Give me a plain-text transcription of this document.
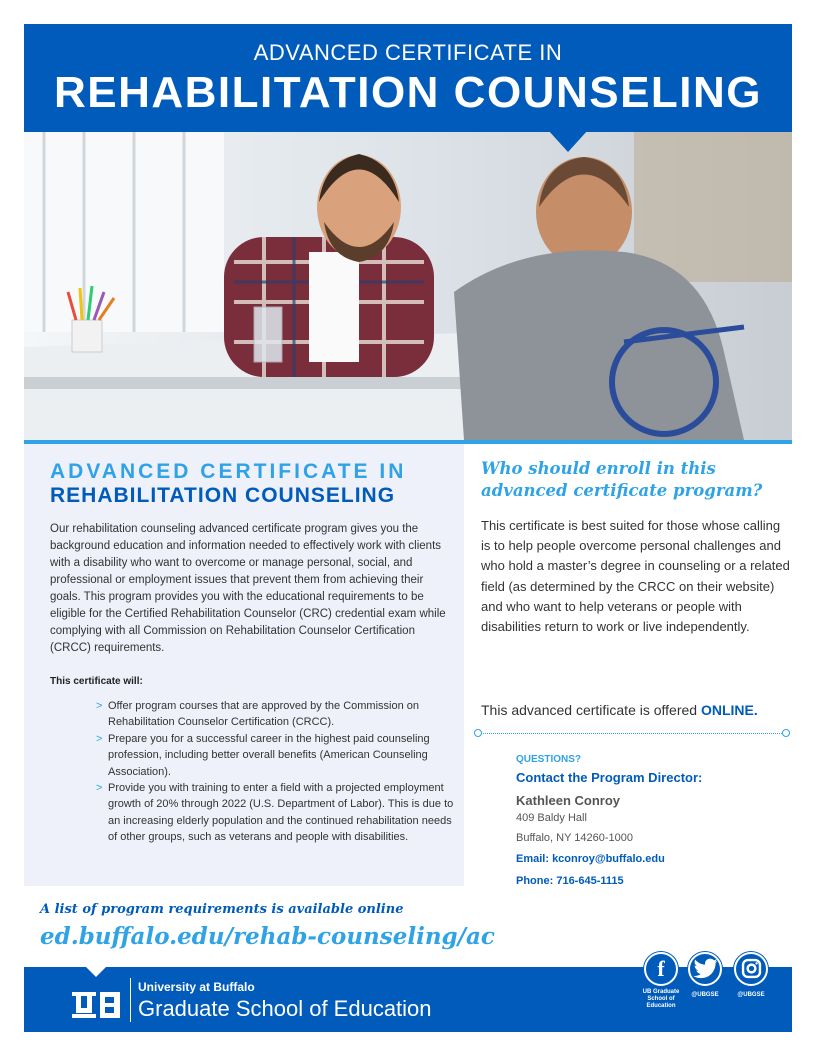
ADVANCED CERTIFICATE IN
REHABILITATION COUNSELING
ADVANCED CERTIFICATE IN
REHABILITATION COUNSELING

Our rehabilitation counseling advanced certificate program gives you the background education and information needed to effectively work with clients with a disability who want to overcome or manage personal, social, and professional or employment issues that prevent them from achieving their goals. This program provides you with the educational requirements to be eligible for the Certified Rehabilitation Counselor (CRC) credential exam while complying with all Commission on Rehabilitation Counselor Certification (CRCC) requirements.

This certificate will:
> Offer program courses that are approved by the Commission on Rehabilitation Counselor Certification (CRCC).
> Prepare you for a successful career in the highest paid counseling profession, including better overall benefits (American Counseling Association).
> Provide you with training to enter a field with a projected employment growth of 20% through 2022 (U.S. Department of Labor). This is due to an increasing elderly population and the continued rehabilitation needs of other groups, such as veterans and people with disabilities.
Who should enroll in this advanced certificate program?

This certificate is best suited for those whose calling is to help people overcome personal challenges and who hold a master’s degree in counseling or a related field (as determined by the CRCC on their website) and who want to help veterans or people with disabilities return to work or live independently.

This advanced certificate is offered ONLINE.
QUESTIONS?
Contact the Program Director:
Kathleen Conroy
409 Baldy Hall
Buffalo, NY 14260-1000
Email: kconroy@buffalo.edu
Phone: 716-645-1115
A list of program requirements is available online
ed.buffalo.edu/rehab-counseling/ac
University at Buffalo
Graduate School of Education
f
UB Graduate School of Education
@UBGSE	@UBGSE
